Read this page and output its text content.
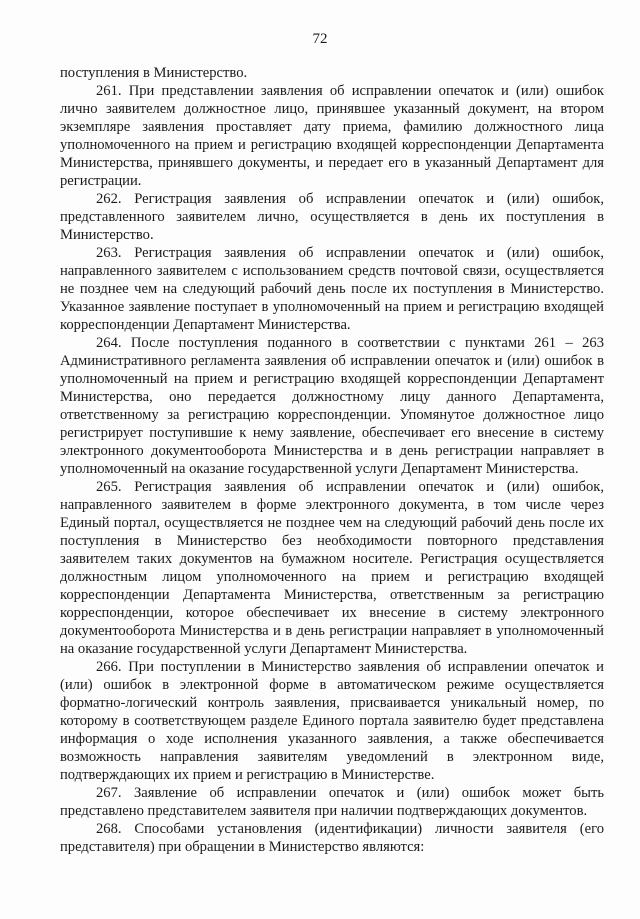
72

поступления в Министерство.

261. При представлении заявления об исправлении опечаток и (или) ошибок лично заявителем должностное лицо, принявшее указанный документ, на втором экземпляре заявления проставляет дату приема, фамилию должностного лица уполномоченного на прием и регистрацию входящей корреспонденции Департамента Министерства, принявшего документы, и передает его в указанный Департамент для регистрации.

262. Регистрация заявления об исправлении опечаток и (или) ошибок, представленного заявителем лично, осуществляется в день их поступления в Министерство.

263. Регистрация заявления об исправлении опечаток и (или) ошибок, направленного заявителем с использованием средств почтовой связи, осуществляется не позднее чем на следующий рабочий день после их поступления в Министерство. Указанное заявление поступает в уполномоченный на прием и регистрацию входящей корреспонденции Департамент Министерства.

264. После поступления поданного в соответствии с пунктами 261 – 263 Административного регламента заявления об исправлении опечаток и (или) ошибок в уполномоченный на прием и регистрацию входящей корреспонденции Департамент Министерства, оно передается должностному лицу данного Департамента, ответственному за регистрацию корреспонденции. Упомянутое должностное лицо регистрирует поступившие к нему заявление, обеспечивает его внесение в систему электронного документооборота Министерства и в день регистрации направляет в уполномоченный на оказание государственной услуги Департамент Министерства.

265. Регистрация заявления об исправлении опечаток и (или) ошибок, направленного заявителем в форме электронного документа, в том числе через Единый портал, осуществляется не позднее чем на следующий рабочий день после их поступления в Министерство без необходимости повторного представления заявителем таких документов на бумажном носителе. Регистрация осуществляется должностным лицом уполномоченного на прием и регистрацию входящей корреспонденции Департамента Министерства, ответственным за регистрацию корреспонденции, которое обеспечивает их внесение в систему электронного документооборота Министерства и в день регистрации направляет в уполномоченный на оказание государственной услуги Департамент Министерства.

266. При поступлении в Министерство заявления об исправлении опечаток и (или) ошибок в электронной форме в автоматическом режиме осуществляется форматно-логический контроль заявления, присваивается уникальный номер, по которому в соответствующем разделе Единого портала заявителю будет представлена информация о ходе исполнения указанного заявления, а также обеспечивается возможность направления заявителям уведомлений в электронном виде, подтверждающих их прием и регистрацию в Министерстве.

267. Заявление об исправлении опечаток и (или) ошибок может быть представлено представителем заявителя при наличии подтверждающих документов.

268. Способами установления (идентификации) личности заявителя (его представителя) при обращении в Министерство являются:
